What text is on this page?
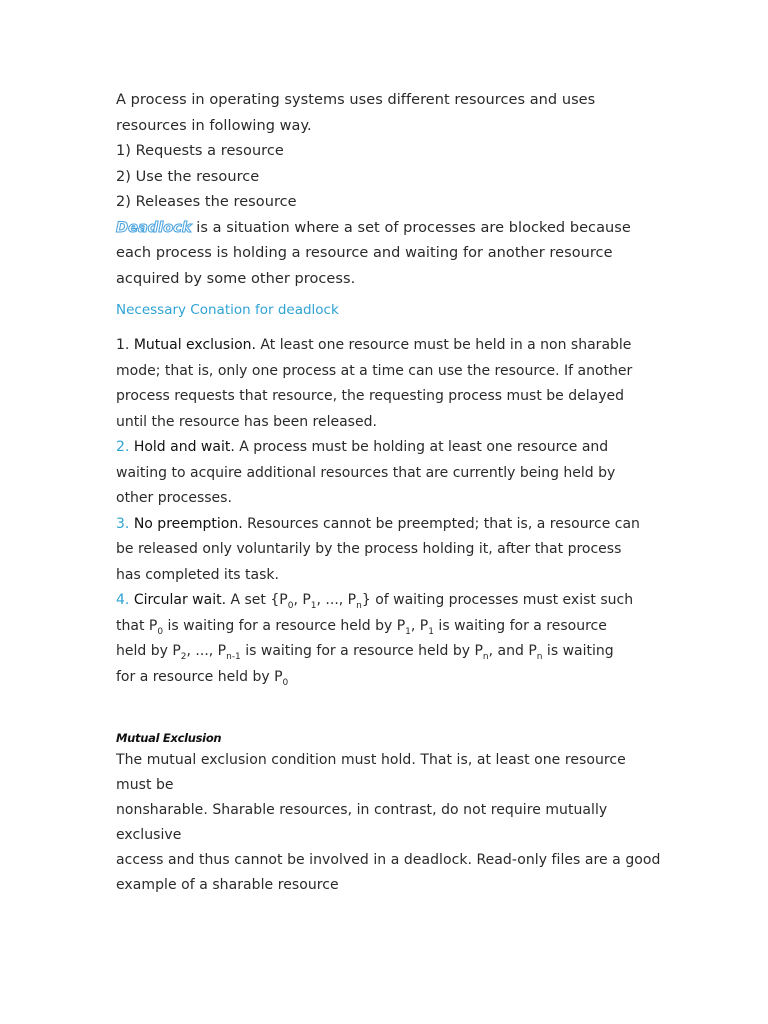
A process in operating systems uses different resources and uses
resources in following way.
1) Requests a resource
2) Use the resource
2) Releases the resource
Deadlock is a situation where a set of processes are blocked because
each process is holding a resource and waiting for another resource
acquired by some other process.
Necessary Conation for deadlock
1. Mutual exclusion. At least one resource must be held in a non sharable
mode; that is, only one process at a time can use the resource. If another
process requests that resource, the requesting process must be delayed
until the resource has been released.
2. Hold and wait. A process must be holding at least one resource and
waiting to acquire additional resources that are currently being held by
other processes.
3. No preemption. Resources cannot be preempted; that is, a resource can
be released only voluntarily by the process holding it, after that process
has completed its task.
4. Circular wait. A set {$P_0$, $P_1$, ..., $P_n$} of waiting processes must exist such
that $P_0$ is waiting for a resource held by $P_1$, $P_1$ is waiting for a resource
held by $P_2$, ..., $P_{n-1}$ is waiting for a resource held by $P_n$, and $P_n$ is waiting
for a resource held by $P_0$
Mutual Exclusion
The mutual exclusion condition must hold. That is, at least one resource
must be
nonsharable. Sharable resources, in contrast, do not require mutually
exclusive
access and thus cannot be involved in a deadlock. Read-only files are a good
example of a sharable resource
